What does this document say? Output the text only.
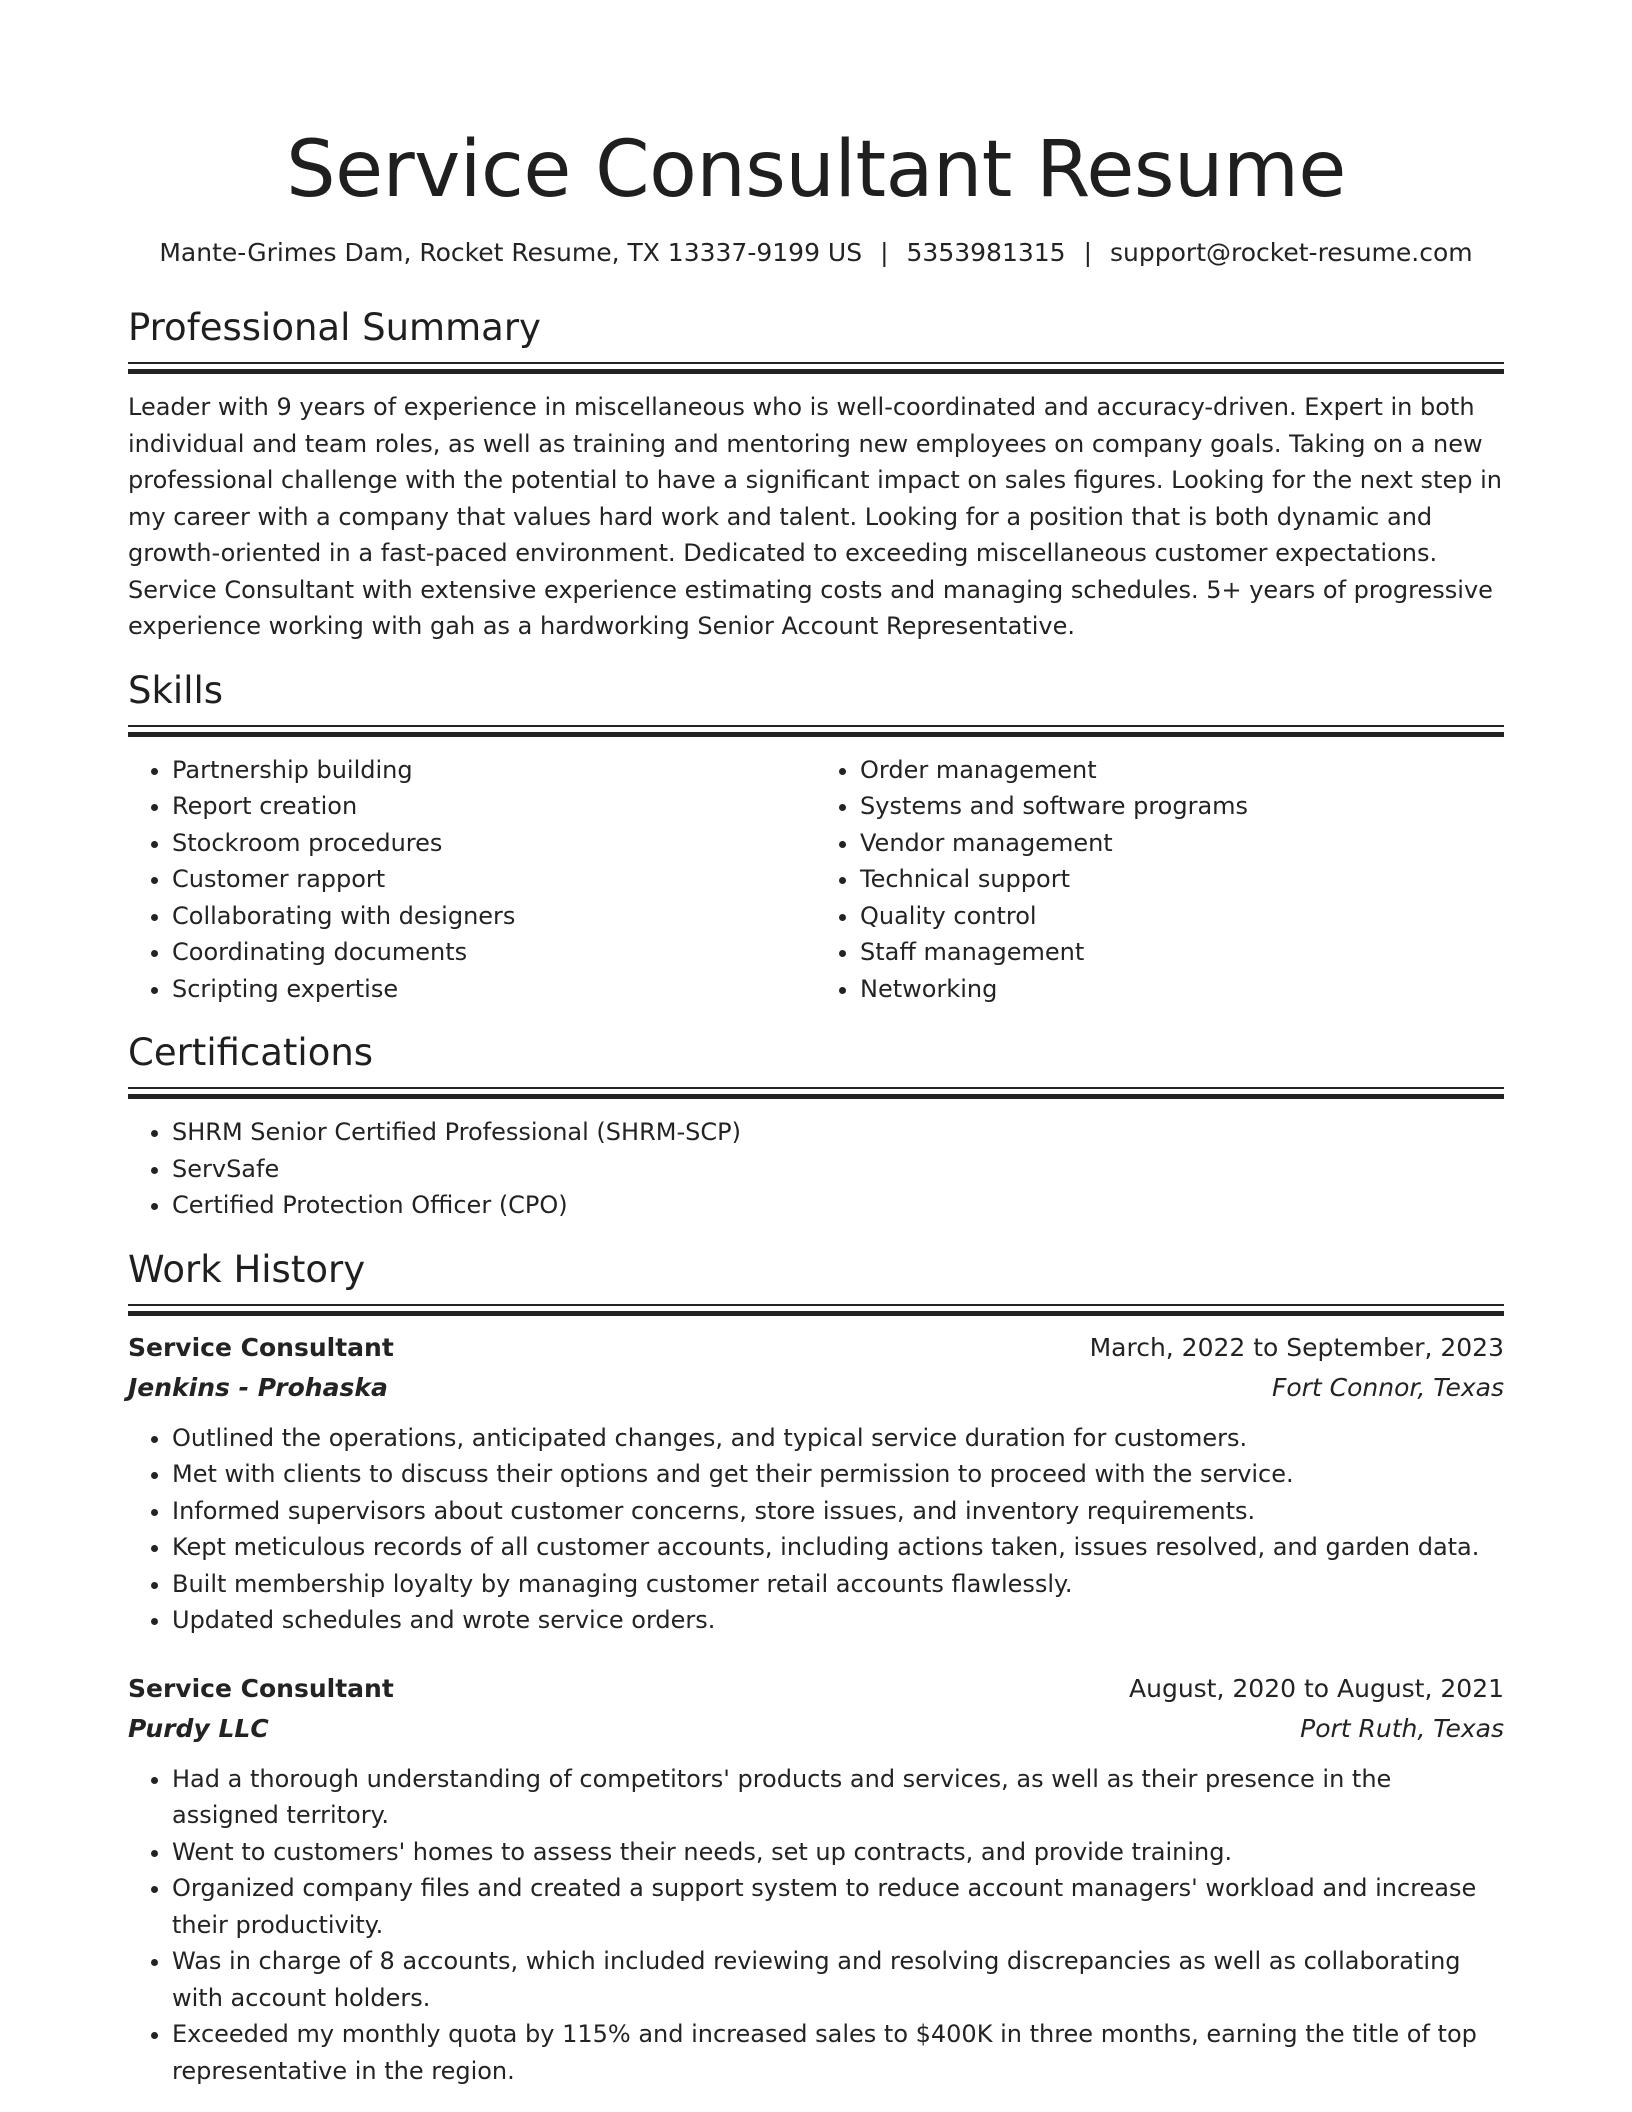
Service Consultant Resume
Mante-Grimes Dam, Rocket Resume, TX 13337-9199 US | 5353981315 | support@rocket-resume.com
Professional Summary

Leader with 9 years of experience in miscellaneous who is well-coordinated and accuracy-driven. Expert in both individual and team roles, as well as training and mentoring new employees on company goals. Taking on a new professional challenge with the potential to have a significant impact on sales figures. Looking for the next step in my career with a company that values hard work and talent. Looking for a position that is both dynamic and growth-oriented in a fast-paced environment. Dedicated to exceeding miscellaneous customer expectations. Service Consultant with extensive experience estimating costs and managing schedules. 5+ years of progressive experience working with gah as a hardworking Senior Account Representative.

Skills
• Partnership building
• Report creation
• Stockroom procedures
• Customer rapport
• Collaborating with designers
• Coordinating documents
• Scripting expertise
• Order management
• Systems and software programs
• Vendor management
• Technical support
• Quality control
• Staff management
• Networking
Certifications
• SHRM Senior Certified Professional (SHRM-SCP)
• ServSafe
• Certified Protection Officer (CPO)
Work History
Service Consultant	March, 2022 to September, 2023
Jenkins - Prohaska	Fort Connor, Texas
• Outlined the operations, anticipated changes, and typical service duration for customers.
• Met with clients to discuss their options and get their permission to proceed with the service.
• Informed supervisors about customer concerns, store issues, and inventory requirements.
• Kept meticulous records of all customer accounts, including actions taken, issues resolved, and garden data.
• Built membership loyalty by managing customer retail accounts flawlessly.
• Updated schedules and wrote service orders.
Service Consultant	August, 2020 to August, 2021
Purdy LLC	Port Ruth, Texas
• Had a thorough understanding of competitors' products and services, as well as their presence in the assigned territory.
• Went to customers' homes to assess their needs, set up contracts, and provide training.
• Organized company files and created a support system to reduce account managers' workload and increase their productivity.
• Was in charge of 8 accounts, which included reviewing and resolving discrepancies as well as collaborating with account holders.
• Exceeded my monthly quota by 115% and increased sales to $400K in three months, earning the title of top representative in the region.
